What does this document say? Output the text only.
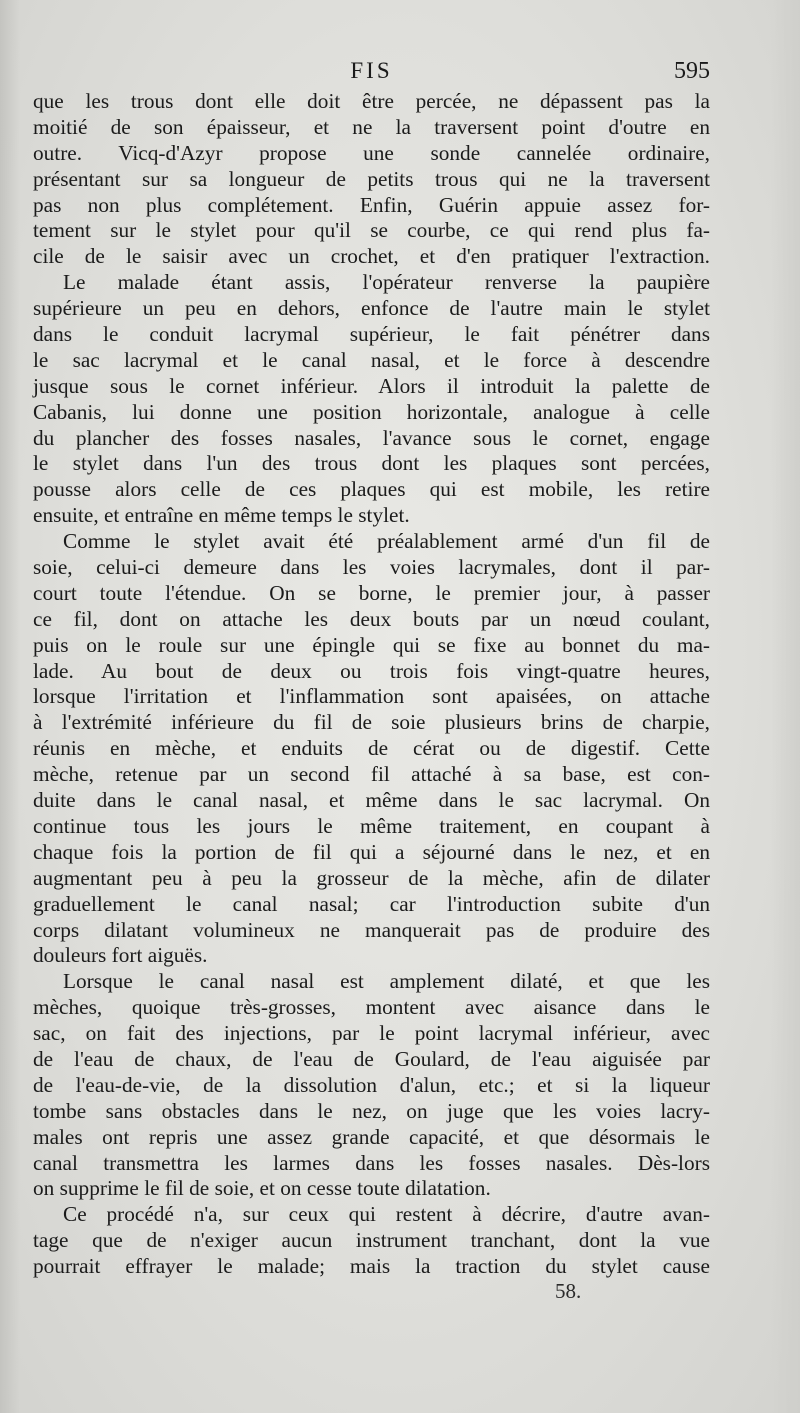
FIS	595
que les trous dont elle doit être percée, ne dépassent pas la
moitié de son épaisseur, et ne la traversent point d'outre en
outre. Vicq-d'Azyr propose une sonde cannelée ordinaire,
présentant sur sa longueur de petits trous qui ne la traversent
pas non plus complétement. Enfin, Guérin appuie assez for-
tement sur le stylet pour qu'il se courbe, ce qui rend plus fa-
cile de le saisir avec un crochet, et d'en pratiquer l'extraction.
Le malade étant assis, l'opérateur renverse la paupière
supérieure un peu en dehors, enfonce de l'autre main le stylet
dans le conduit lacrymal supérieur, le fait pénétrer dans
le sac lacrymal et le canal nasal, et le force à descendre
jusque sous le cornet inférieur. Alors il introduit la palette de
Cabanis, lui donne une position horizontale, analogue à celle
du plancher des fosses nasales, l'avance sous le cornet, engage
le stylet dans l'un des trous dont les plaques sont percées,
pousse alors celle de ces plaques qui est mobile, les retire
ensuite, et entraîne en même temps le stylet.
Comme le stylet avait été préalablement armé d'un fil de
soie, celui-ci demeure dans les voies lacrymales, dont il par-
court toute l'étendue. On se borne, le premier jour, à passer
ce fil, dont on attache les deux bouts par un nœud coulant,
puis on le roule sur une épingle qui se fixe au bonnet du ma-
lade. Au bout de deux ou trois fois vingt-quatre heures,
lorsque l'irritation et l'inflammation sont apaisées, on attache
à l'extrémité inférieure du fil de soie plusieurs brins de charpie,
réunis en mèche, et enduits de cérat ou de digestif. Cette
mèche, retenue par un second fil attaché à sa base, est con-
duite dans le canal nasal, et même dans le sac lacrymal. On
continue tous les jours le même traitement, en coupant à
chaque fois la portion de fil qui a séjourné dans le nez, et en
augmentant peu à peu la grosseur de la mèche, afin de dilater
graduellement le canal nasal; car l'introduction subite d'un
corps dilatant volumineux ne manquerait pas de produire des
douleurs fort aiguës.
Lorsque le canal nasal est amplement dilaté, et que les
mèches, quoique très-grosses, montent avec aisance dans le
sac, on fait des injections, par le point lacrymal inférieur, avec
de l'eau de chaux, de l'eau de Goulard, de l'eau aiguisée par
de l'eau-de-vie, de la dissolution d'alun, etc.; et si la liqueur
tombe sans obstacles dans le nez, on juge que les voies lacry-
males ont repris une assez grande capacité, et que désormais le
canal transmettra les larmes dans les fosses nasales. Dès-lors
on supprime le fil de soie, et on cesse toute dilatation.
Ce procédé n'a, sur ceux qui restent à décrire, d'autre avan-
tage que de n'exiger aucun instrument tranchant, dont la vue
pourrait effrayer le malade; mais la traction du stylet cause
58.
